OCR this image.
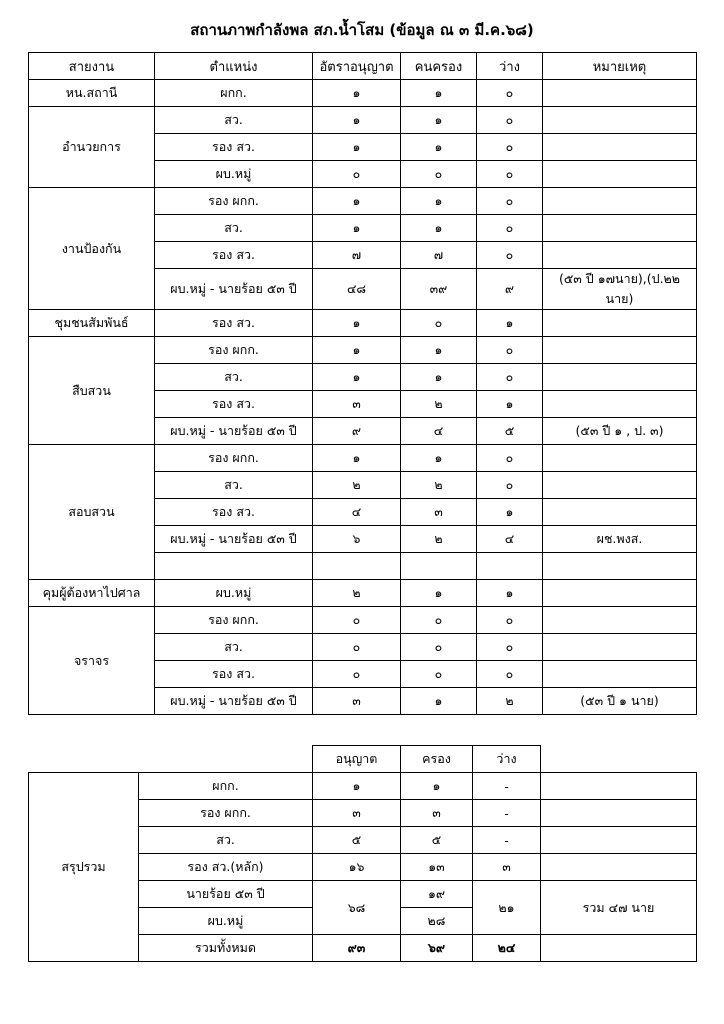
สถานภาพกำลังพล สภ.น้ำโสม (ข้อมูล ณ ๓ มี.ค.๖๘)
สายงาน	ตำแหน่ง	อัตราอนุญาต	คนครอง	ว่าง	หมายเหตุ
หน.สถานี	ผกก.	๑	๑	๐	
อำนวยการ	สว.	๑	๑	๐	
	รอง สว.	๑	๑	๐	
	ผบ.หมู่	๐	๐	๐	
งานป้องกัน	รอง ผกก.	๑	๑	๐	
	สว.	๑	๑	๐	
	รอง สว.	๗	๗	๐	
	ผบ.หมู่ - นายร้อย ๕๓ ปี	๔๘	๓๙	๙	(๕๓ ปี ๑๗นาย),(ป.๒๒ นาย)
ชุมชนสัมพันธ์	รอง สว.	๑	๐	๑	
สืบสวน	รอง ผกก.	๑	๑	๐	
	สว.	๑	๑	๐	
	รอง สว.	๓	๒	๑	
	ผบ.หมู่ - นายร้อย ๕๓ ปี	๙	๔	๕	(๕๓ ปี ๑ , ป. ๓)
สอบสวน	รอง ผกก.	๑	๑	๐	
	สว.	๒	๒	๐	
	รอง สว.	๔	๓	๑	
	ผบ.หมู่ - นายร้อย ๕๓ ปี	๖	๒	๔	ผช.พงส.

คุมผู้ต้องหาไปศาล	ผบ.หมู่	๒	๑	๑	
จราจร	รอง ผกก.	๐	๐	๐	
	สว.	๐	๐	๐	
	รอง สว.	๐	๐	๐	
	ผบ.หมู่ - นายร้อย ๕๓ ปี	๓	๑	๒	(๕๓ ปี ๑ นาย)
		อนุญาต	ครอง	ว่าง	
สรุปรวม	ผกก.	๑	๑	-	
	รอง ผกก.	๓	๓	-	
	สว.	๕	๕	-	
	รอง สว.(หลัก)	๑๖	๑๓	๓	
	นายร้อย ๕๓ ปี	๖๘	๑๙	๒๑	รวม ๔๗ นาย
	ผบ.หมู่		๒๘		
	รวมทั้งหมด	๙๓	๖๙	๒๔	
